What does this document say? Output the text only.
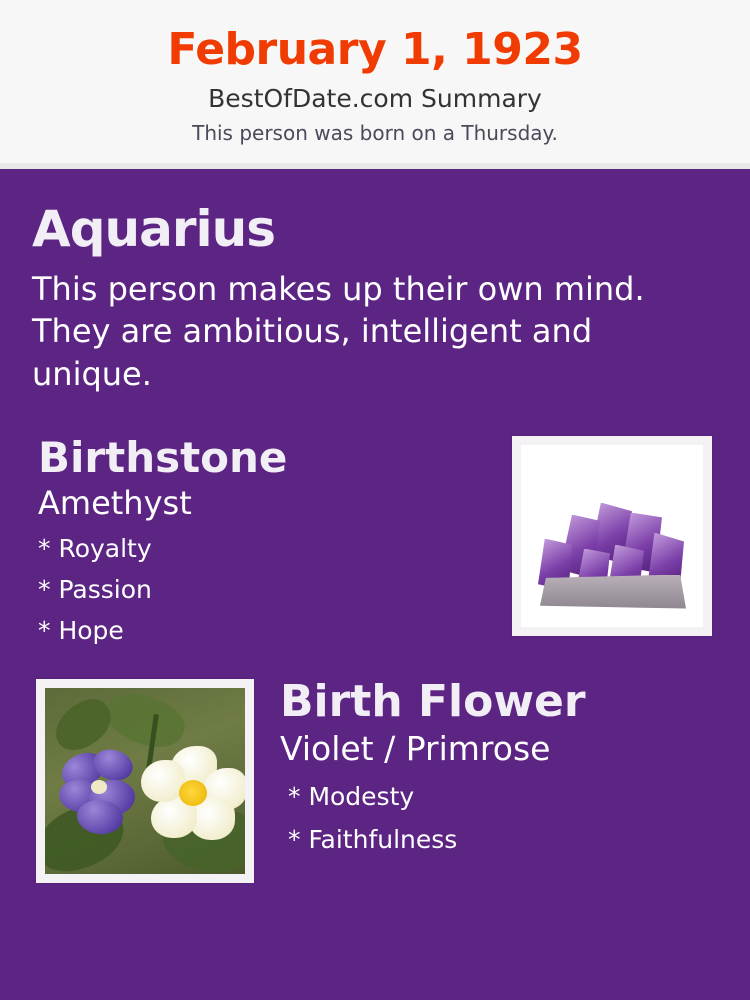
February 1, 1923
BestOfDate.com Summary
This person was born on a Thursday.
Aquarius
This person makes up their own mind. They are ambitious, intelligent and unique.
Birthstone
Amethyst
* Royalty
* Passion
* Hope
Birth Flower
Violet / Primrose
* Modesty
* Faithfulness
